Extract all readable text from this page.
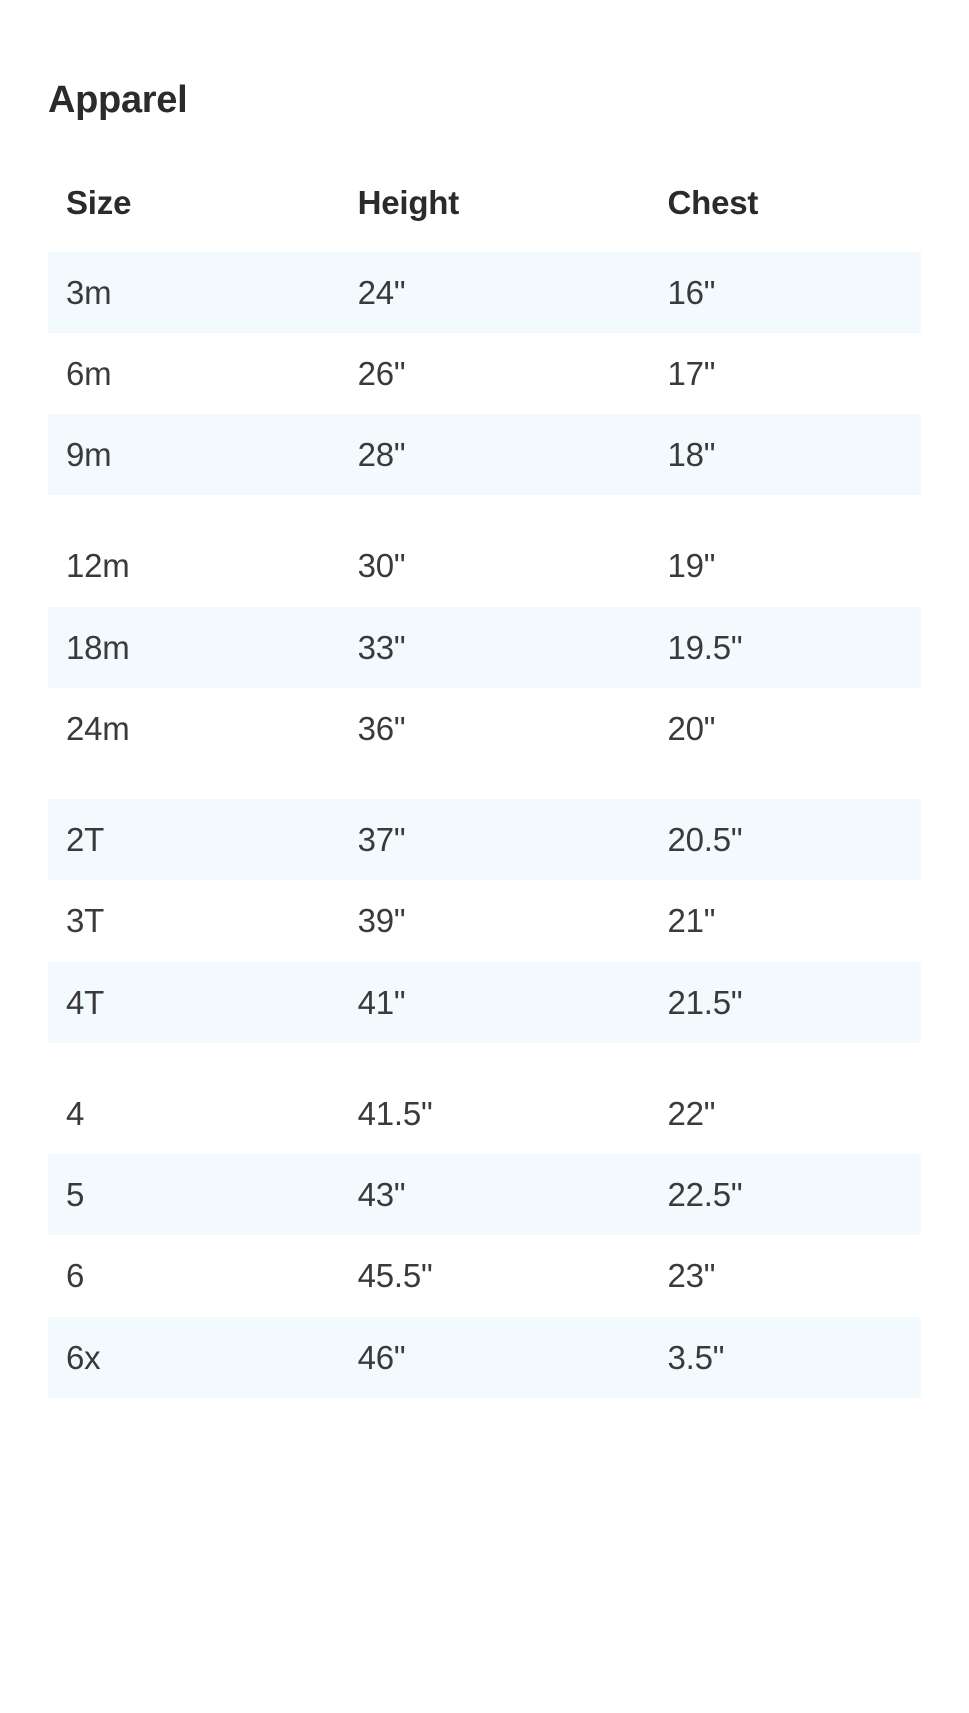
Apparel
Size	Height	Chest
3m	24"	16"
6m	26"	17"
9m	28"	18"

12m	30"	19"
18m	33"	19.5"
24m	36"	20"

2T	37"	20.5"
3T	39"	21"
4T	41"	21.5"

4	41.5"	22"
5	43"	22.5"
6	45.5"	23"
6x	46"	3.5"
